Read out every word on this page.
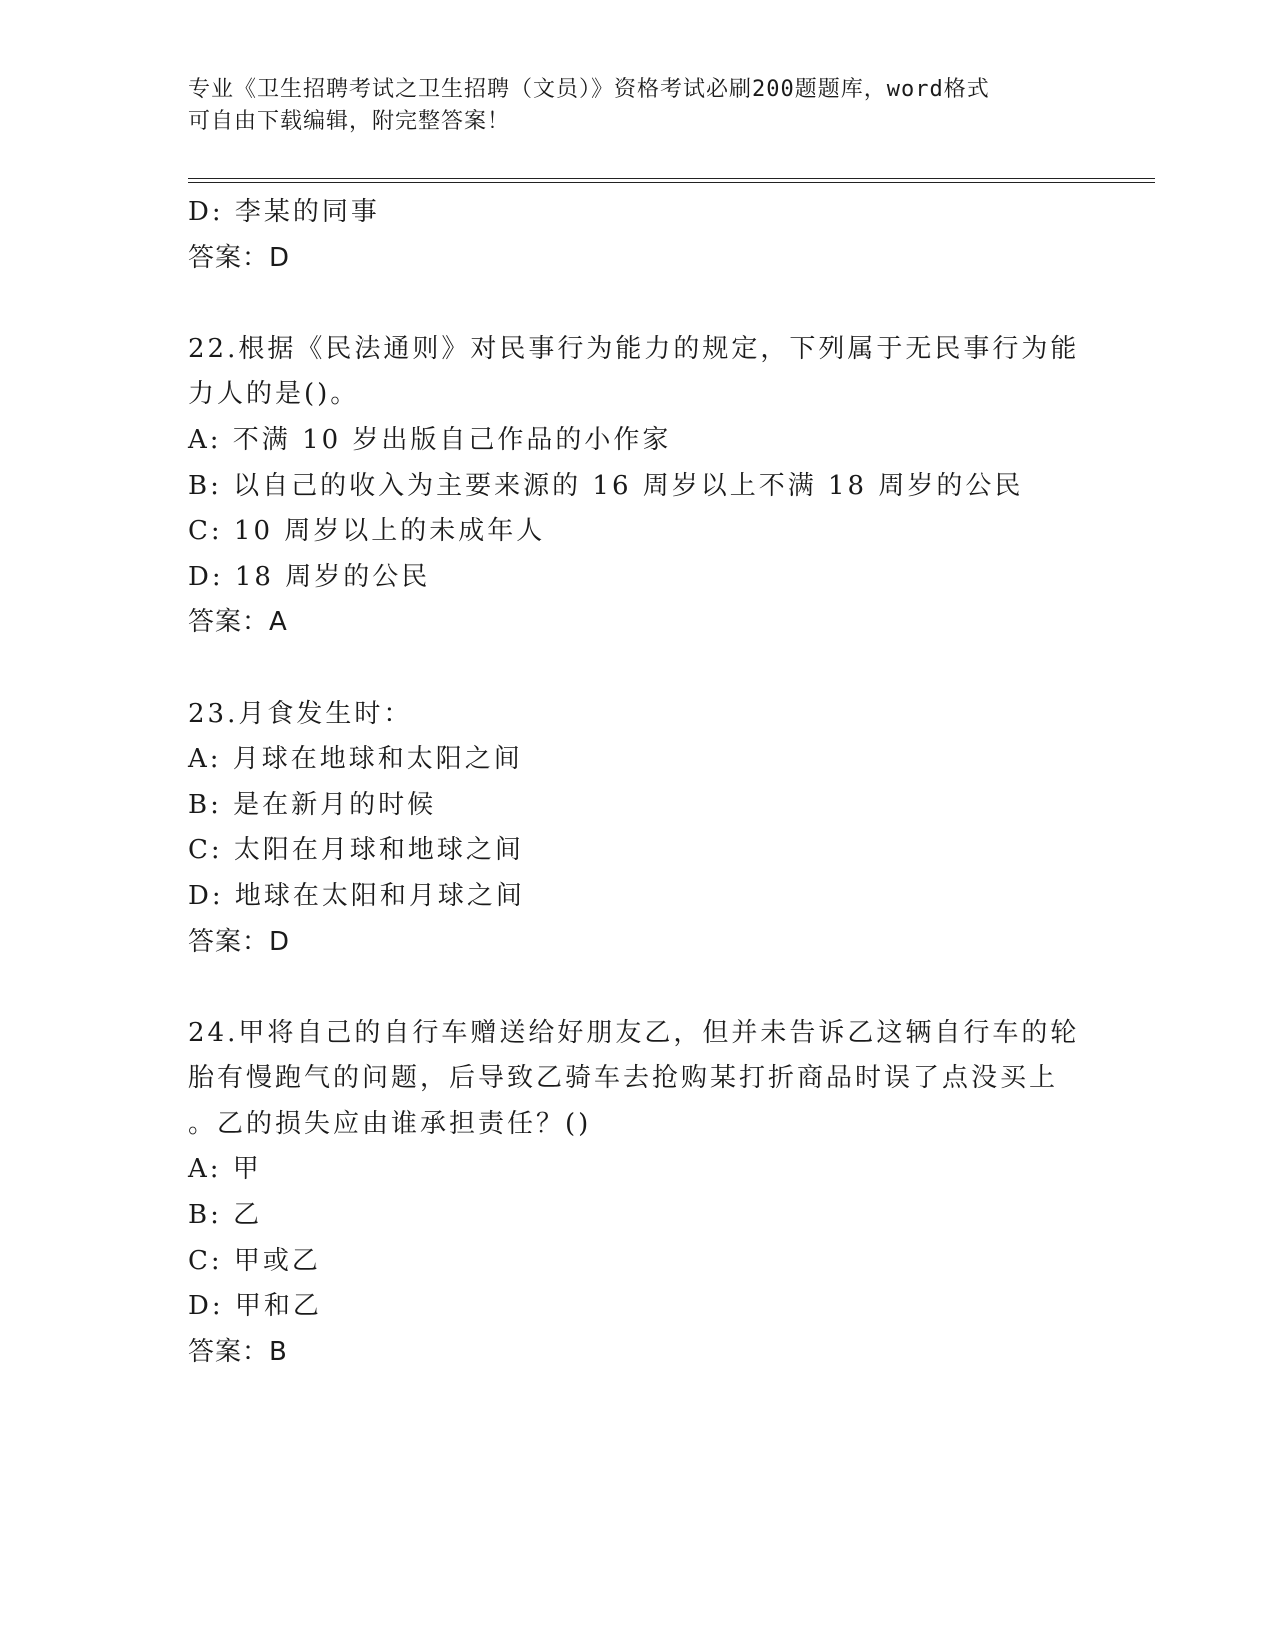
专业《卫生招聘考试之卫生招聘（文员）》资格考试必刷200题题库，word格式
可自由下载编辑，附完整答案！
D: 李某的同事
答案：D
22.根据《民法通则》对民事行为能力的规定，下列属于无民事行为能
力人的是()。
A: 不满 10 岁出版自己作品的小作家
B: 以自己的收入为主要来源的 16 周岁以上不满 18 周岁的公民
C: 10 周岁以上的未成年人
D: 18 周岁的公民
答案：A
23.月食发生时：
A: 月球在地球和太阳之间
B: 是在新月的时候
C: 太阳在月球和地球之间
D: 地球在太阳和月球之间
答案：D
24.甲将自己的自行车赠送给好朋友乙，但并未告诉乙这辆自行车的轮
胎有慢跑气的问题，后导致乙骑车去抢购某打折商品时误了点没买上
。乙的损失应由谁承担责任？()
A: 甲
B: 乙
C: 甲或乙
D: 甲和乙
答案：B
